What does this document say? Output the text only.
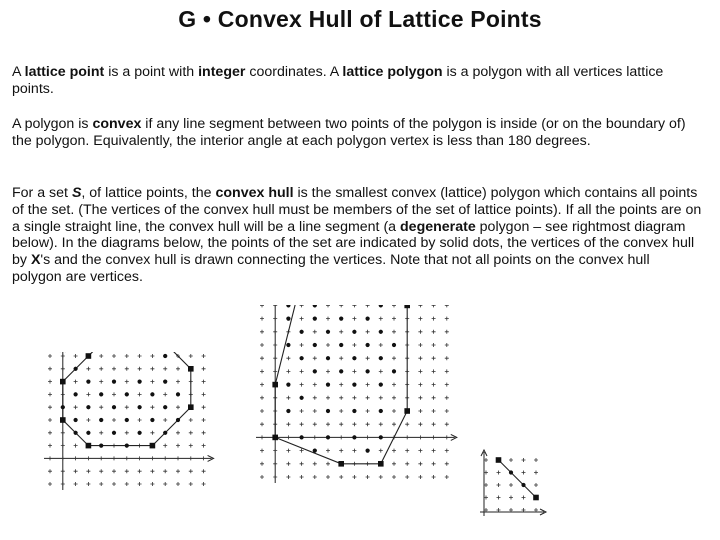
G • Convex Hull of Lattice Points

A lattice point is a point with integer coordinates. A lattice polygon is a polygon with all vertices lattice points.

A polygon is convex if any line segment between two points of the polygon is inside (or on the boundary of) the polygon. Equivalently, the interior angle at each polygon vertex is less than 180 degrees.

For a set S, of lattice points, the convex hull is the smallest convex (lattice) polygon which contains all points of the set. (The vertices of the convex hull must be members of the set of lattice points). If all the points are on a single straight line, the convex hull will be a line segment (a degenerate polygon – see rightmost diagram below). In the diagrams below, the points of the set are indicated by solid dots, the vertices of the convex hull by X's and the convex hull is drawn connecting the vertices. Note that not all points on the convex hull polygon are vertices.
